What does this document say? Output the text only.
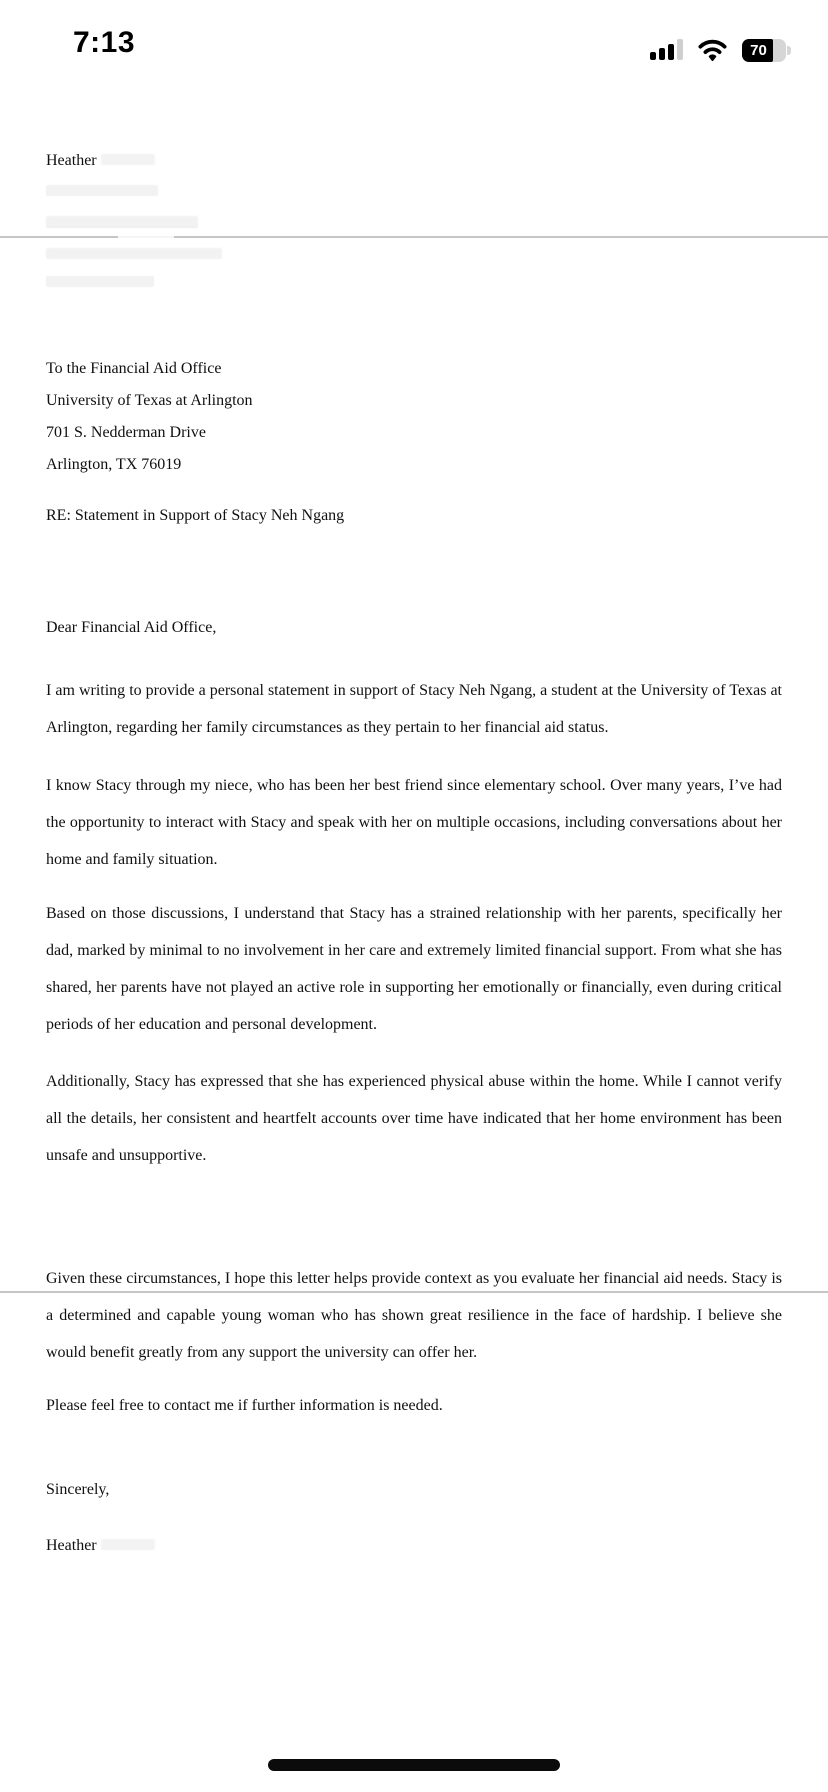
7:13	70
Heather
To the Financial Aid Office
University of Texas at Arlington
701 S. Nedderman Drive
Arlington, TX 76019
RE: Statement in Support of Stacy Neh Ngang
Dear Financial Aid Office,
I am writing to provide a personal statement in support of Stacy Neh Ngang, a student at the University of Texas at Arlington, regarding her family circumstances as they pertain to her financial aid status.
I know Stacy through my niece, who has been her best friend since elementary school. Over many years, I’ve had the opportunity to interact with Stacy and speak with her on multiple occasions, including conversations about her home and family situation.
Based on those discussions, I understand that Stacy has a strained relationship with her parents, specifically her dad, marked by minimal to no involvement in her care and extremely limited financial support. From what she has shared, her parents have not played an active role in supporting her emotionally or financially, even during critical periods of her education and personal development.
Additionally, Stacy has expressed that she has experienced physical abuse within the home. While I cannot verify all the details, her consistent and heartfelt accounts over time have indicated that her home environment has been unsafe and unsupportive.
Given these circumstances, I hope this letter helps provide context as you evaluate her financial aid needs. Stacy is a determined and capable young woman who has shown great resilience in the face of hardship. I believe she would benefit greatly from any support the university can offer her.
Please feel free to contact me if further information is needed.
Sincerely,
Heather
